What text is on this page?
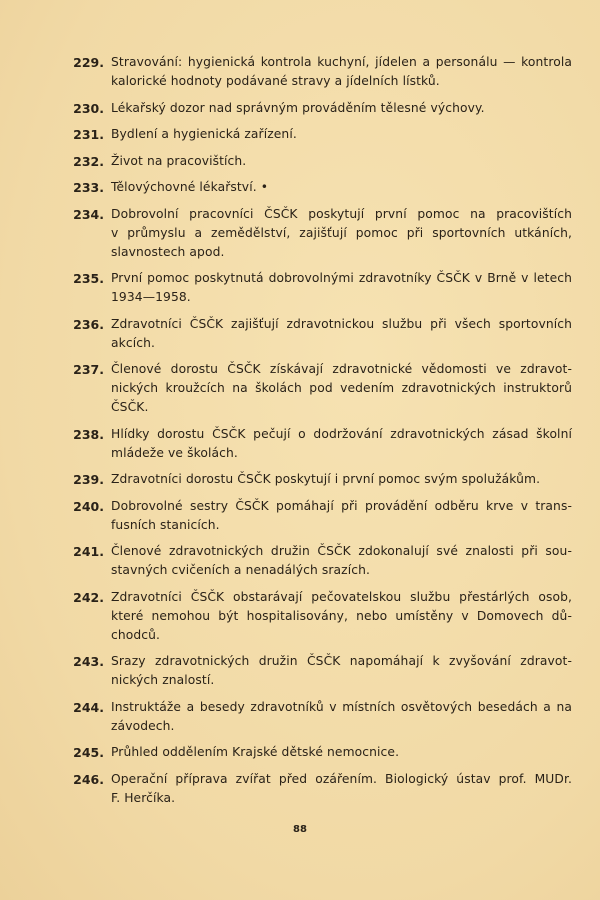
229. Stravování: hygienická kontrola kuchyní, jídelen a personálu — kontrola
kalorické hodnoty podávané stravy a jídelních lístků.
230. Lékařský dozor nad správným prováděním tělesné výchovy.
231. Bydlení a hygienická zařízení.
232. Život na pracovištích.
233. Tělovýchovné lékařství. •
234. Dobrovolní pracovníci ČSČK poskytují první pomoc na pracovištích
v průmyslu a zemědělství, zajišťují pomoc při sportovních utkáních,
slavnostech apod.
235. První pomoc poskytnutá dobrovolnými zdravotníky ČSČK v Brně v letech
1934—1958.
236. Zdravotníci ČSČK zajišťují zdravotnickou službu při všech sportovních
akcích.
237. Členové dorostu ČSČK získávají zdravotnické vědomosti ve zdravot-
nických kroužcích na školách pod vedením zdravotnických instruktorů
ČSČK.
238. Hlídky dorostu ČSČK pečují o dodržování zdravotnických zásad školní
mládeže ve školách.
239. Zdravotníci dorostu ČSČK poskytují i první pomoc svým spolužákům.
240. Dobrovolné sestry ČSČK pomáhají při provádění odběru krve v trans-
fusních stanicích.
241. Členové zdravotnických družin ČSČK zdokonalují své znalosti při sou-
stavných cvičeních a nenadálých srazích.
242. Zdravotníci ČSČK obstarávají pečovatelskou službu přestárlých osob,
které nemohou být hospitalisovány, nebo umístěny v Domovech dů-
chodců.
243. Srazy zdravotnických družin ČSČK napomáhají k zvyšování zdravot-
nických znalostí.
244. Instruktáže a besedy zdravotníků v místních osvětových besedách a na
závodech.
245. Průhled oddělením Krajské dětské nemocnice.
246. Operační příprava zvířat před ozářením. Biologický ústav prof. MUDr.
F. Herčíka.
88
